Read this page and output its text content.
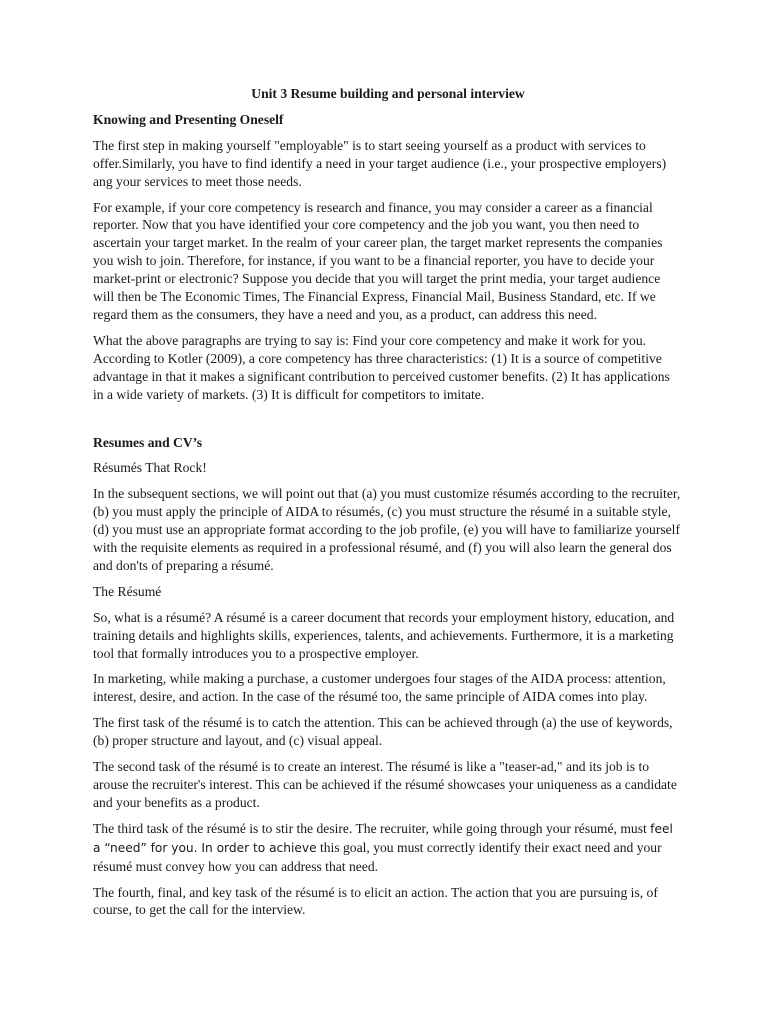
Unit 3 Resume building and personal interview
Knowing and Presenting Oneself

The first step in making yourself "employable" is to start seeing yourself as a product with services to offer.Similarly, you have to find identify a need in your target audience (i.e., your prospective employers) ang your services to meet those needs.

For example, if your core competency is research and finance, you may consider a career as a financial reporter. Now that you have identified your core competency and the job you want, you then need to ascertain your target market. In the realm of your career plan, the target market represents the companies you wish to join. Therefore, for instance, if you want to be a financial reporter, you have to decide your market-print or electronic? Suppose you decide that you will target the print media, your target audience will then be The Economic Times, The Financial Express, Financial Mail, Business Standard, etc. If we regard them as the consumers, they have a need and you, as a product, can address this need.

What the above paragraphs are trying to say is: Find your core competency and make it work for you. According to Kotler (2009), a core competency has three characteristics: (1) It is a source of competitive advantage in that it makes a significant contribution to perceived customer benefits. (2) It has applications in a wide variety of markets. (3) It is difficult for competitors to imitate.

Resumes and CV’s

Résumés That Rock!

In the subsequent sections, we will point out that (a) you must customize résumés according to the recruiter, (b) you must apply the principle of AIDA to résumés, (c) you must structure the résumé in a suitable style, (d) you must use an appropriate format according to the job profile, (e) you will have to familiarize yourself with the requisite elements as required in a professional résumé, and (f) you will also learn the general dos and don'ts of preparing a résumé.

The Résumé

So, what is a résumé? A résumé is a career document that records your employment history, education, and training details and highlights skills, experiences, talents, and achievements. Furthermore, it is a marketing tool that formally introduces you to a prospective employer.

In marketing, while making a purchase, a customer undergoes four stages of the AIDA process: attention, interest, desire, and action. In the case of the résumé too, the same principle of AIDA comes into play.

The first task of the résumé is to catch the attention. This can be achieved through (a) the use of keywords, (b) proper structure and layout, and (c) visual appeal.

The second task of the résumé is to create an interest. The résumé is like a "teaser-ad," and its job is to arouse the recruiter's interest. This can be achieved if the résumé showcases your uniqueness as a candidate and your benefits as a product.

The third task of the résumé is to stir the desire. The recruiter, while going through your résumé, must feel a “need” for you. In order to achieve this goal, you must correctly identify their exact need and your résumé must convey how you can address that need.

The fourth, final, and key task of the résumé is to elicit an action. The action that you are pursuing is, of course, to get the call for the interview.
